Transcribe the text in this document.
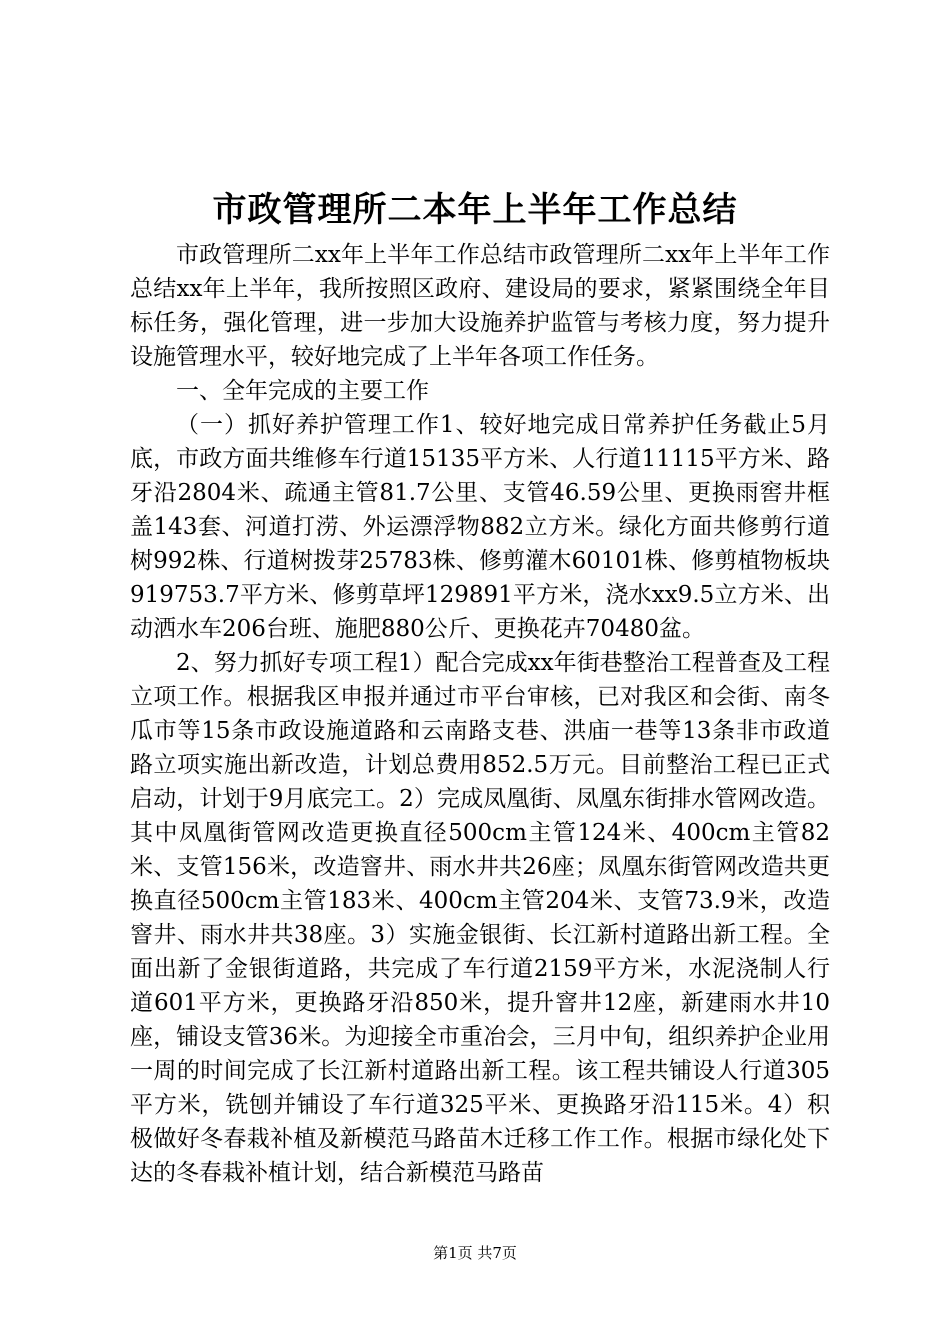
市政管理所二本年上半年工作总结

市政管理所二xx年上半年工作总结市政管理所二xx年上半年工作总结xx年上半年，我所按照区政府、建设局的要求，紧紧围绕全年目标任务，强化管理，进一步加大设施养护监管与考核力度，努力提升设施管理水平，较好地完成了上半年各项工作任务。

一、全年完成的主要工作

（一）抓好养护管理工作1、较好地完成日常养护任务截止5月底，市政方面共维修车行道15135平方米、人行道11115平方米、路牙沿2804米、疏通主管81.7公里、支管46.59公里、更换雨窖井框盖143套、河道打涝、外运漂浮物882立方米。绿化方面共修剪行道树992株、行道树拨芽25783株、修剪灌木60101株、修剪植物板块919753.7平方米、修剪草坪129891平方米，浇水xx9.5立方米、出动洒水车206台班、施肥880公斤、更换花卉70480盆。

2、努力抓好专项工程1）配合完成xx年街巷整治工程普查及工程立项工作。根据我区申报并通过市平台审核，已对我区和会街、南冬瓜市等15条市政设施道路和云南路支巷、洪庙一巷等13条非市政道路立项实施出新改造，计划总费用852.5万元。目前整治工程已正式启动，计划于9月底完工。2）完成凤凰街、凤凰东街排水管网改造。其中凤凰街管网改造更换直径500cm主管124米、400cm主管82米、支管156米，改造窨井、雨水井共26座；凤凰东街管网改造共更换直径500cm主管183米、400cm主管204米、支管73.9米，改造窨井、雨水井共38座。3）实施金银街、长江新村道路出新工程。全面出新了金银街道路，共完成了车行道2159平方米，水泥浇制人行道601平方米，更换路牙沿850米，提升窨井12座，新建雨水井10座，铺设支管36米。为迎接全市重冶会，三月中旬，组织养护企业用一周的时间完成了长江新村道路出新工程。该工程共铺设人行道305平方米，铣刨并铺设了车行道325平米、更换路牙沿115米。4）积极做好冬春栽补植及新模范马路苗木迁移工作工作。根据市绿化处下达的冬春栽补植计划，结合新模范马路苗

第1页 共7页
